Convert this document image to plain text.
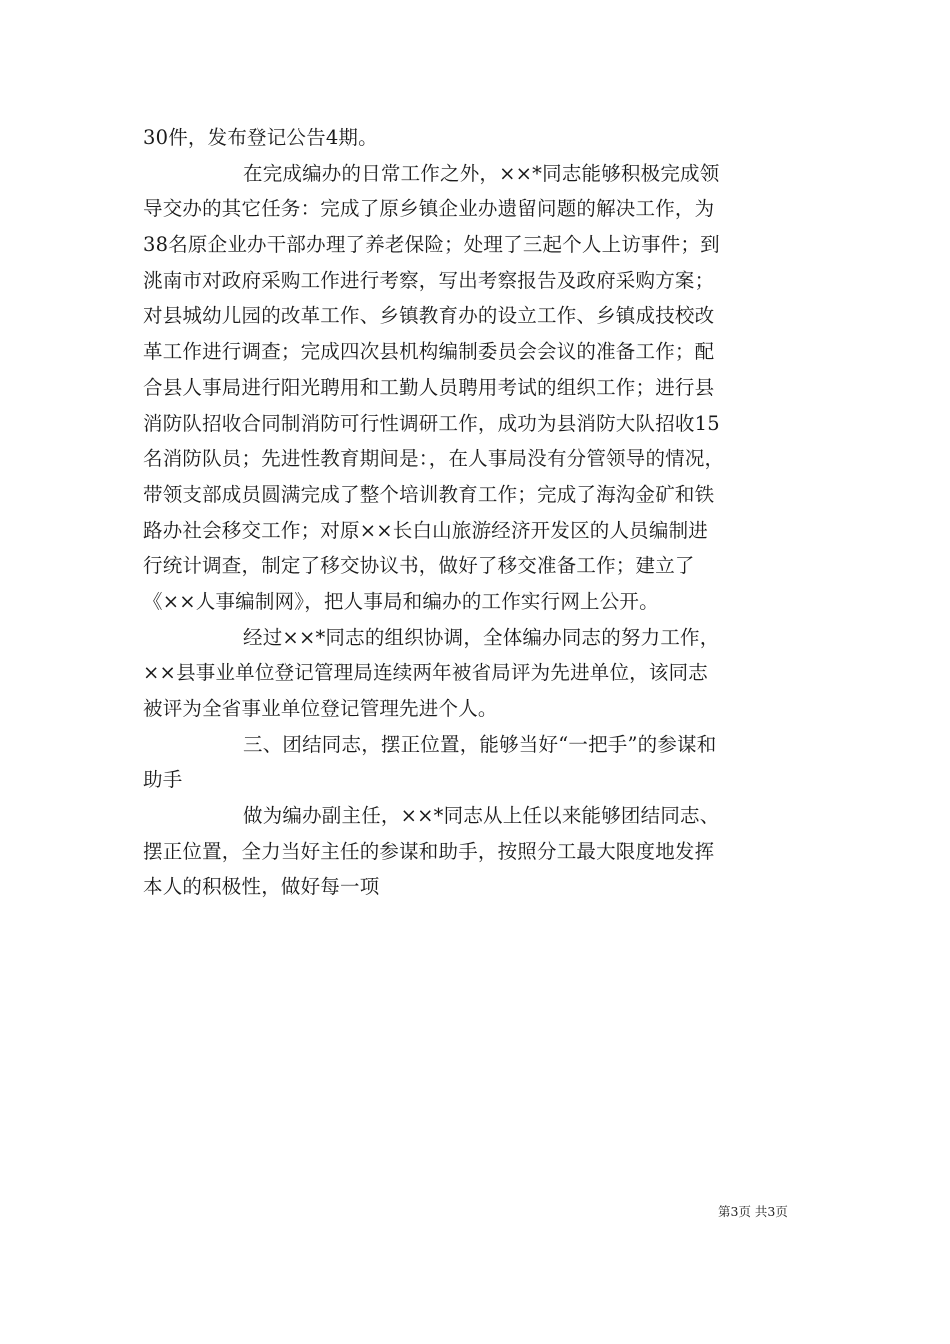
30件，发布登记公告4期。
在完成编办的日常工作之外，××*同志能够积极完成领
导交办的其它任务：完成了原乡镇企业办遗留问题的解决工作，为
38名原企业办干部办理了养老保险；处理了三起个人上访事件；到
洮南市对政府采购工作进行考察，写出考察报告及政府采购方案；
对县城幼儿园的改革工作、乡镇教育办的设立工作、乡镇成技校改
革工作进行调查；完成四次县机构编制委员会会议的准备工作；配
合县人事局进行阳光聘用和工勤人员聘用考试的组织工作；进行县
消防队招收合同制消防可行性调研工作，成功为县消防大队招收15
名消防队员；先进性教育期间是：，在人事局没有分管领导的情况，
带领支部成员圆满完成了整个培训教育工作；完成了海沟金矿和铁
路办社会移交工作；对原××长白山旅游经济开发区的人员编制进
行统计调查，制定了移交协议书，做好了移交准备工作；建立了
《××人事编制网》，把人事局和编办的工作实行网上公开。
经过××*同志的组织协调，全体编办同志的努力工作，
××县事业单位登记管理局连续两年被省局评为先进单位，该同志
被评为全省事业单位登记管理先进个人。
三、团结同志，摆正位置，能够当好“一把手”的参谋和
助手
做为编办副主任，××*同志从上任以来能够团结同志、
摆正位置，全力当好主任的参谋和助手，按照分工最大限度地发挥
本人的积极性，做好每一项
第3页 共3页
